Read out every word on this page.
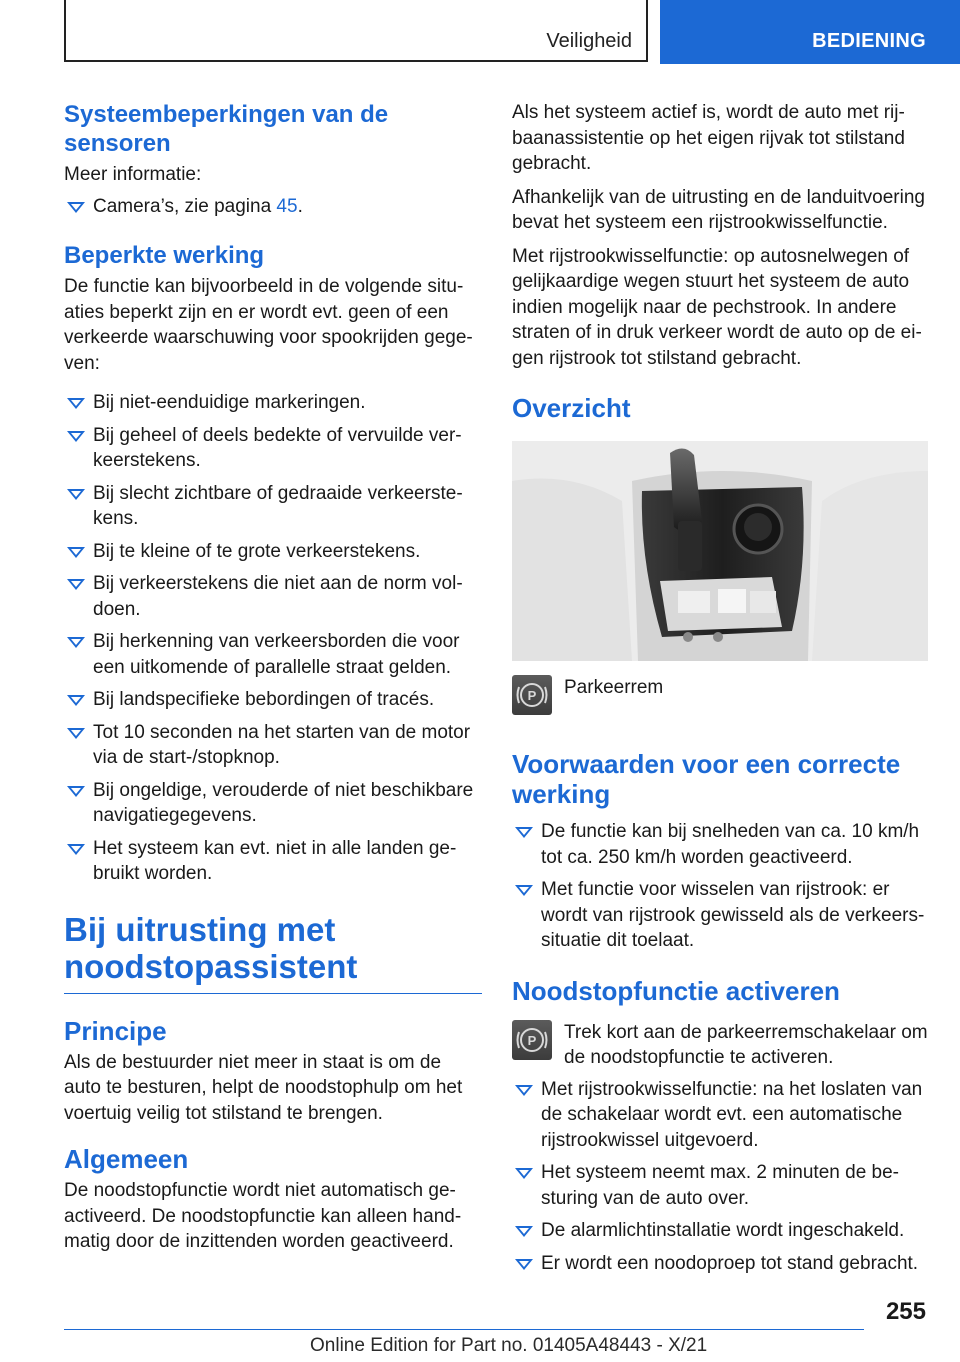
Veiligheid	BEDIENING
Systeembeperkingen van de sensoren

Meer informatie:

Camera’s, zie pagina 45.
Beperkte werking

De functie kan bijvoorbeeld in de volgende situaties beperkt zijn en er wordt evt. geen of een verkeerde waarschuwing voor spookrijden gegeven:

Bij niet-eenduidige markeringen.
Bij geheel of deels bedekte of vervuilde verkeerstekens.
Bij slecht zichtbare of gedraaide verkeerstekens.
Bij te kleine of te grote verkeerstekens.
Bij verkeerstekens die niet aan de norm voldoen.
Bij herkenning van verkeersborden die voor een uitkomende of parallelle straat gelden.
Bij landspecifieke bebordingen of tracés.
Tot 10 seconden na het starten van de motor via de start-/stopknop.
Bij ongeldige, verouderde of niet beschikbare navigatiegegevens.
Het systeem kan evt. niet in alle landen gebruikt worden.
Bij uitrusting met noodstopassistent
Principe

Als de bestuurder niet meer in staat is om de auto te besturen, helpt de noodstophulp om het voertuig veilig tot stilstand te brengen.

Algemeen

De noodstopfunctie wordt niet automatisch geactiveerd. De noodstopfunctie kan alleen handmatig door de inzittenden worden geactiveerd.

Als het systeem actief is, wordt de auto met rijbaanassistentie op het eigen rijvak tot stilstand gebracht.

Afhankelijk van de uitrusting en de landuitvoering bevat het systeem een rijstrookwisselfunctie.

Met rijstrookwisselfunctie: op autosnelwegen of gelijkaardige wegen stuurt het systeem de auto indien mogelijk naar de pechstrook. In andere straten of in druk verkeer wordt de auto op de eigen rijstrook tot stilstand gebracht.

Overzicht
P Parkeerrem
Voorwaarden voor een correcte werking
De functie kan bij snelheden van ca. 10 km/h tot ca. 250 km/h worden geactiveerd.
Met functie voor wisselen van rijstrook: er wordt van rijstrook gewisseld als de verkeerssituatie dit toelaat.
Noodstopfunctie activeren
P Trek kort aan de parkeerremschakelaar om de noodstopfunctie te activeren.
Met rijstrookwisselfunctie: na het loslaten van de schakelaar wordt evt. een automatische rijstrookwissel uitgevoerd.
Het systeem neemt max. 2 minuten de besturing van de auto over.
De alarmlichtinstallatie wordt ingeschakeld.
Er wordt een noodoproep tot stand gebracht.
255
Online Edition for Part no. 01405A48443 - X/21
